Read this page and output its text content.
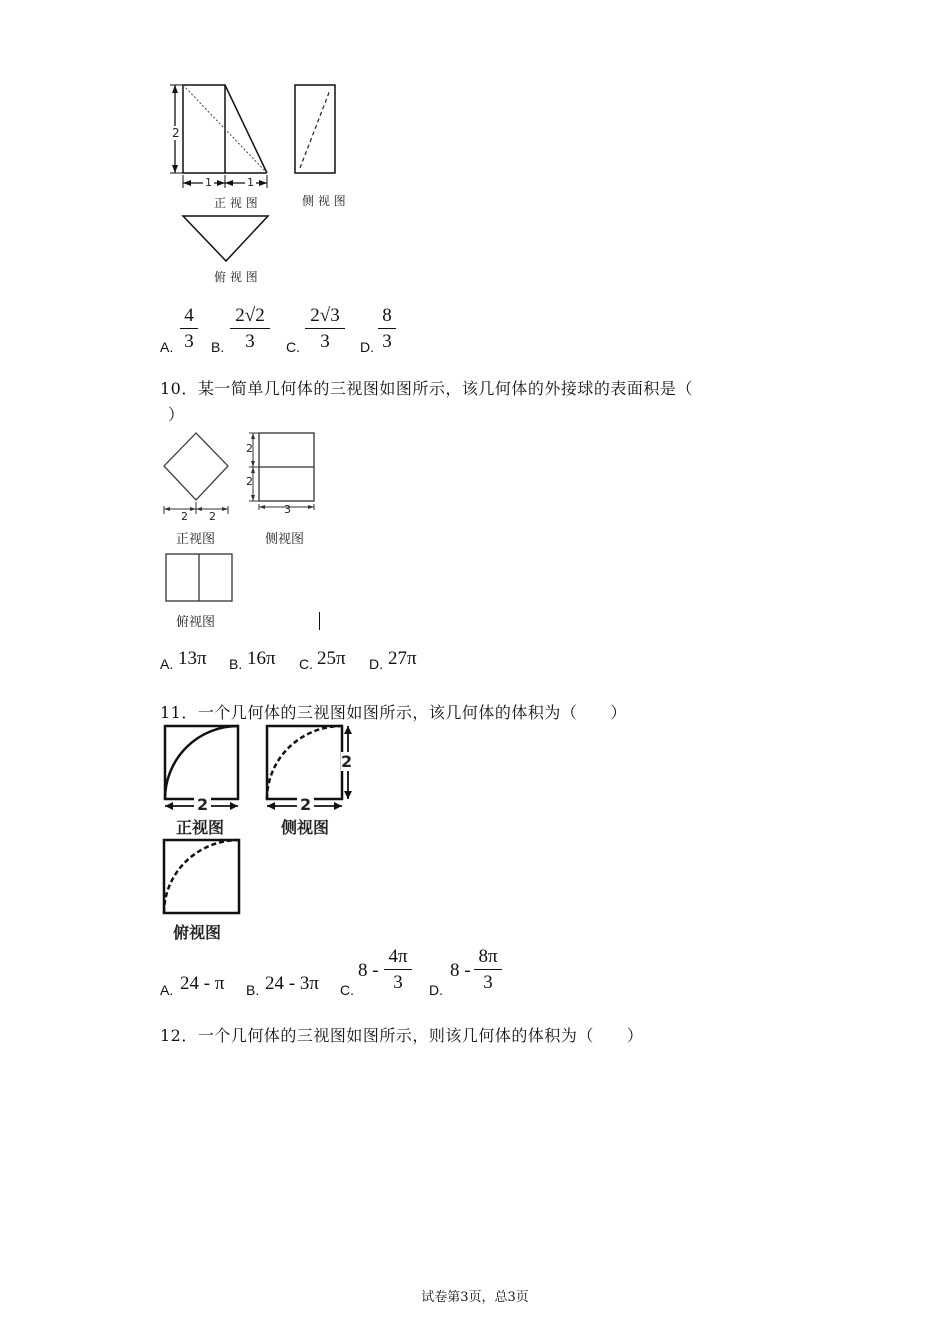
2
1	1
正 视 图	侧 视 图
俯 视 图
A.
4
3	B.
2√2
3	C.
2√3
3	D.
8
3
10．某一简单几何体的三视图如图所示，该几何体的外接球的表面积是（
）
2 2
正视图
2
2
3
侧视图
俯视图
A. 13π B. 16π C. 25π D. 27π
11．一个几何体的三视图如图所示，该几何体的体积为（　　）
2
正视图
2
2
侧视图
俯视图
A. 24 - π B. 24 - 3π C.
8 -
4π
3	D.
8 -
8π
3
12．一个几何体的三视图如图所示，则该几何体的体积为（　　）
试卷第3页，总3页
